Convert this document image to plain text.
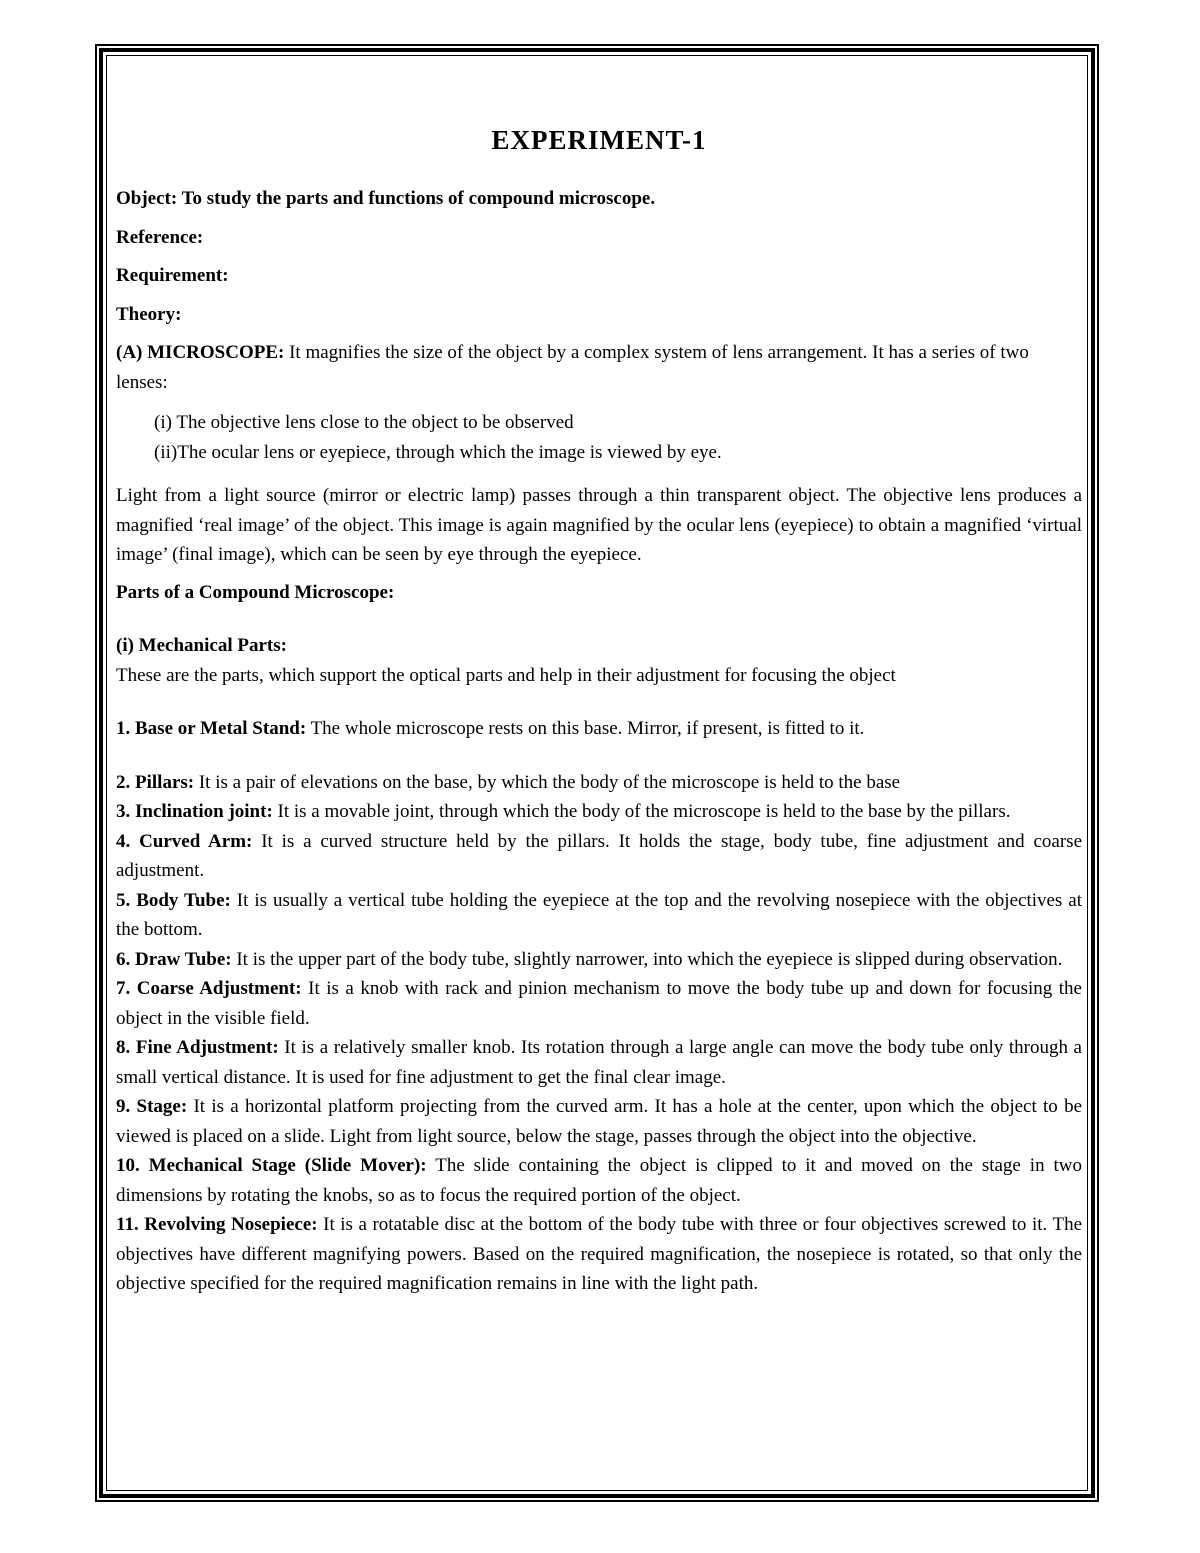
EXPERIMENT-1
Object: To study the parts and functions of compound microscope.
Reference:
Requirement:
Theory:
(A) MICROSCOPE: It magnifies the size of the object by a complex system of lens arrangement. It has a series of two lenses:
(i) The objective lens close to the object to be observed
(ii)The ocular lens or eyepiece, through which the image is viewed by eye.
Light from a light source (mirror or electric lamp) passes through a thin transparent object. The objective lens produces a magnified ‘real image’ of the object. This image is again magnified by the ocular lens (eyepiece) to obtain a magnified ‘virtual image’ (final image), which can be seen by eye through the eyepiece.
Parts of a Compound Microscope:
(i) Mechanical Parts:
These are the parts, which support the optical parts and help in their adjustment for focusing the object
1. Base or Metal Stand: The whole microscope rests on this base. Mirror, if present, is fitted to it.
2. Pillars: It is a pair of elevations on the base, by which the body of the microscope is held to the base
3. Inclination joint: It is a movable joint, through which the body of the microscope is held to the base by the pillars.
4. Curved Arm: It is a curved structure held by the pillars. It holds the stage, body tube, fine adjustment and coarse adjustment.
5. Body Tube: It is usually a vertical tube holding the eyepiece at the top and the revolving nosepiece with the objectives at the bottom.
6. Draw Tube: It is the upper part of the body tube, slightly narrower, into which the eyepiece is slipped during observation.
7. Coarse Adjustment: It is a knob with rack and pinion mechanism to move the body tube up and down for focusing the object in the visible field.
8. Fine Adjustment: It is a relatively smaller knob. Its rotation through a large angle can move the body tube only through a small vertical distance. It is used for fine adjustment to get the final clear image.
9. Stage: It is a horizontal platform projecting from the curved arm. It has a hole at the center, upon which the object to be viewed is placed on a slide. Light from light source, below the stage, passes through the object into the objective.
10. Mechanical Stage (Slide Mover): The slide containing the object is clipped to it and moved on the stage in two dimensions by rotating the knobs, so as to focus the required portion of the object.
11. Revolving Nosepiece: It is a rotatable disc at the bottom of the body tube with three or four objectives screwed to it. The objectives have different magnifying powers. Based on the required magnification, the nosepiece is rotated, so that only the objective specified for the required magnification remains in line with the light path.
